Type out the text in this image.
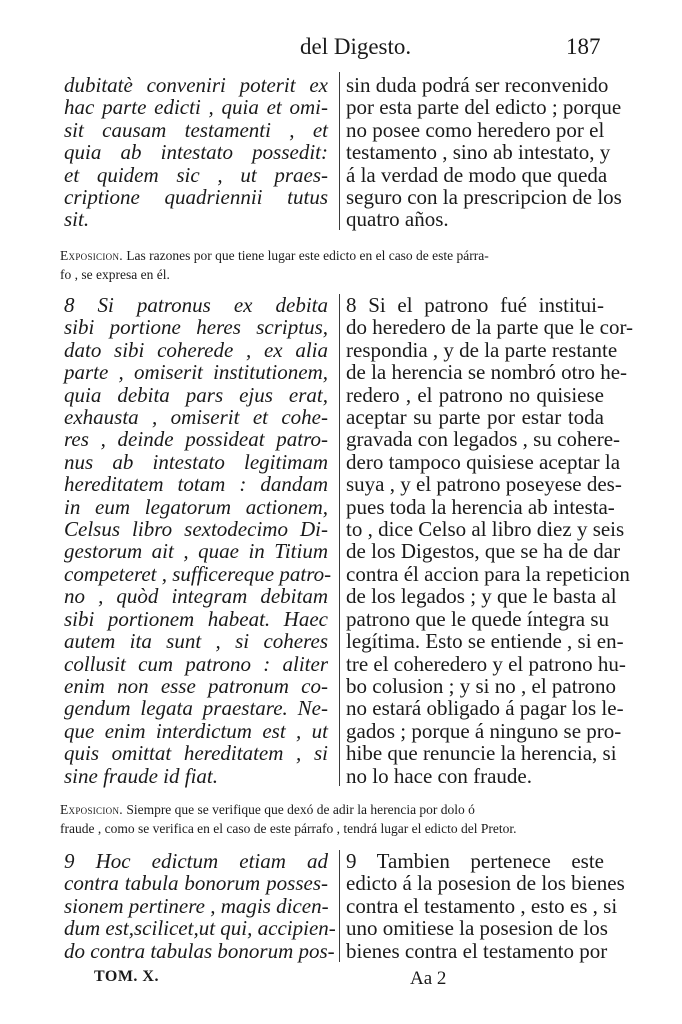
del Digesto.	187
dubitatè conveniri poterit ex
hac parte edicti , quia et omi-
sit causam testamenti , et
quia ab intestato possedit:
et quidem sic , ut praes-
criptione quadriennii tutus
sit.
sin duda podrá ser reconvenido
por esta parte del edicto ; porque
no posee como heredero por el
testamento , sino ab intestato, y
á la verdad de modo que queda
seguro con la prescripcion de los
quatro años.
Exposicion. Las razones por que tiene lugar este edicto en el caso de este párra-
fo , se expresa en él.
8 Si patronus ex debita
sibi portione heres scriptus,
dato sibi coherede , ex alia
parte , omiserit institutionem,
quia debita pars ejus erat,
exhausta , omiserit et cohe-
res , deinde possideat patro-
nus ab intestato legitimam
hereditatem totam : dandam
in eum legatorum actionem,
Celsus libro sextodecimo Di-
gestorum ait , quae in Titium
competeret , sufficereque patro-
no , quòd integram debitam
sibi portionem habeat. Haec
autem ita sunt , si coheres
collusit cum patrono : aliter
enim non esse patronum co-
gendum legata praestare. Ne-
que enim interdictum est , ut
quis omittat hereditatem , si
sine fraude id fiat.
8 Si el patrono fué institui-
do heredero de la parte que le cor-
respondia , y de la parte restante
de la herencia se nombró otro he-
redero , el patrono no quisiese
aceptar su parte por estar toda
gravada con legados , su cohere-
dero tampoco quisiese aceptar la
suya , y el patrono poseyese des-
pues toda la herencia ab intesta-
to , dice Celso al libro diez y seis
de los Digestos, que se ha de dar
contra él accion para la repeticion
de los legados ; y que le basta al
patrono que le quede íntegra su
legítima. Esto se entiende , si en-
tre el coheredero y el patrono hu-
bo colusion ; y si no , el patrono
no estará obligado á pagar los le-
gados ; porque á ninguno se pro-
hibe que renuncie la herencia, si
no lo hace con fraude.
Exposicion. Siempre que se verifique que dexó de adir la herencia por dolo ó
fraude , como se verifica en el caso de este párrafo , tendrá lugar el edicto del Pretor.
9 Hoc edictum etiam ad
contra tabula bonorum posses-
sionem pertinere , magis dicen-
dum est,scilicet,ut qui, accipien-
do contra tabulas bonorum pos-
9 Tambien pertenece este
edicto á la posesion de los bienes
contra el testamento , esto es , si
uno omitiese la posesion de los
bienes contra el testamento por
TOM. X.	Aa 2
